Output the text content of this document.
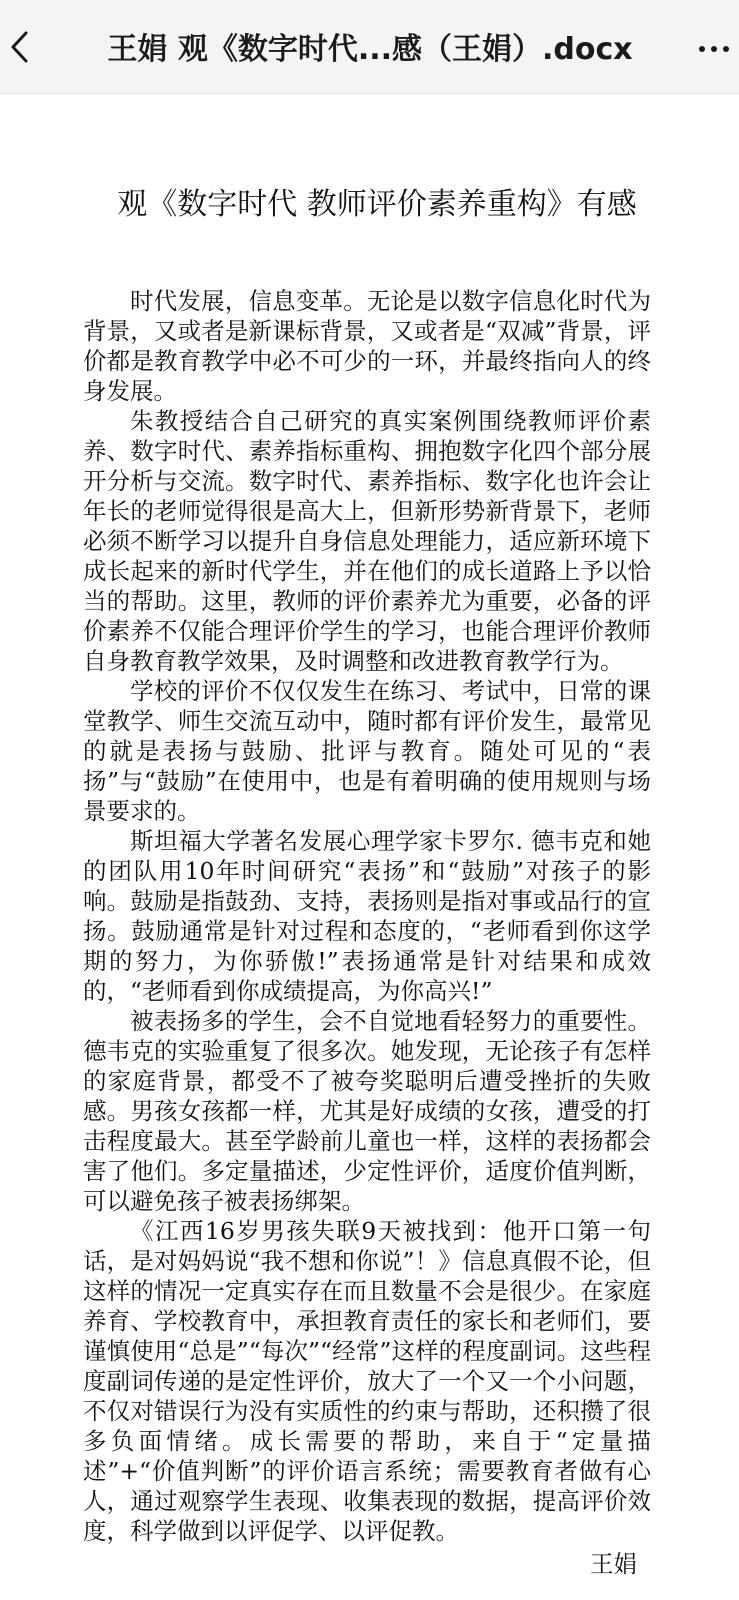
王娟 观《数字时代...感（王娟）.docx
观《数字时代 教师评价素养重构》有感

时代发展，信息变革。无论是以数字信息化时代为背景，又或者是新课标背景，又或者是“双减”背景，评价都是教育教学中必不可少的一环，并最终指向人的终身发展。

朱教授结合自己研究的真实案例围绕教师评价素养、数字时代、素养指标重构、拥抱数字化四个部分展开分析与交流。数字时代、素养指标、数字化也许会让年长的老师觉得很是高大上，但新形势新背景下，老师必须不断学习以提升自身信息处理能力，适应新环境下成长起来的新时代学生，并在他们的成长道路上予以恰当的帮助。这里，教师的评价素养尤为重要，必备的评价素养不仅能合理评价学生的学习，也能合理评价教师自身教育教学效果，及时调整和改进教育教学行为。

学校的评价不仅仅发生在练习、考试中，日常的课堂教学、师生交流互动中，随时都有评价发生，最常见的就是表扬与鼓励、批评与教育。随处可见的“表扬”与“鼓励”在使用中，也是有着明确的使用规则与场景要求的。

斯坦福大学著名发展心理学家卡罗尔. 德韦克和她的团队用10年时间研究“表扬”和“鼓励”对孩子的影响。鼓励是指鼓劲、支持，表扬则是指对事或品行的宣扬。鼓励通常是针对过程和态度的，“老师看到你这学期的努力，为你骄傲!”表扬通常是针对结果和成效的，“老师看到你成绩提高，为你高兴!”

被表扬多的学生，会不自觉地看轻努力的重要性。德韦克的实验重复了很多次。她发现，无论孩子有怎样的家庭背景，都受不了被夸奖聪明后遭受挫折的失败感。男孩女孩都一样，尤其是好成绩的女孩，遭受的打击程度最大。甚至学龄前儿童也一样，这样的表扬都会害了他们。多定量描述，少定性评价，适度价值判断，可以避免孩子被表扬绑架。

《江西16岁男孩失联9天被找到：他开口第一句话，是对妈妈说“我不想和你说”！》信息真假不论，但这样的情况一定真实存在而且数量不会是很少。在家庭养育、学校教育中，承担教育责任的家长和老师们，要谨慎使用“总是”“每次”“经常”这样的程度副词。这些程度副词传递的是定性评价，放大了一个又一个小问题，不仅对错误行为没有实质性的约束与帮助，还积攒了很多负面情绪。成长需要的帮助，来自于“定量描述”+“价值判断”的评价语言系统；需要教育者做有心人，通过观察学生表现、收集表现的数据，提高评价效度，科学做到以评促学、以评促教。

王娟
